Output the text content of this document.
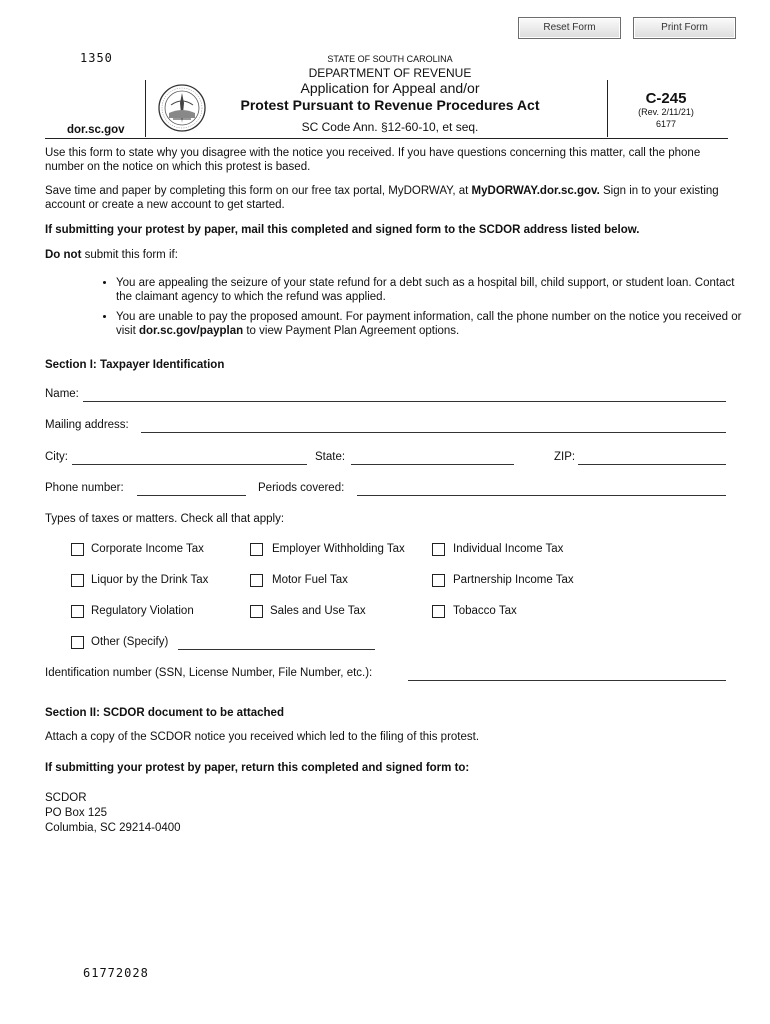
Reset Form	Print Form
1350	STATE OF SOUTH CAROLINA
DEPARTMENT OF REVENUE
Application for Appeal and/or
Protest Pursuant to Revenue Procedures Act
SC Code Ann. §12-60-10, et seq.
dor.sc.gov
C-245
(Rev. 2/11/21)
6177
Use this form to state why you disagree with the notice you received. If you have questions concerning this matter, call the phone number on the notice on which this protest is based.
Save time and paper by completing this form on our free tax portal, MyDORWAY, at MyDORWAY.dor.sc.gov. Sign in to your existing account or create a new account to get started.
If submitting your protest by paper, mail this completed and signed form to the SCDOR address listed below.
Do not submit this form if:
• You are appealing the seizure of your state refund for a debt such as a hospital bill, child support, or student loan. Contact the claimant agency to which the refund was applied.
• You are unable to pay the proposed amount. For payment information, call the phone number on the notice you received or visit dor.sc.gov/payplan to view Payment Plan Agreement options.
Section I: Taxpayer Identification
Name:
Mailing address:
City:	State:	ZIP:
Phone number:	Periods covered:
Types of taxes or matters. Check all that apply:
Corporate Income Tax	Employer Withholding Tax	Individual Income Tax
Liquor by the Drink Tax	Motor Fuel Tax	Partnership Income Tax
Regulatory Violation	Sales and Use Tax	Tobacco Tax
Other (Specify)
Identification number (SSN, License Number, File Number, etc.):
Section II: SCDOR document to be attached
Attach a copy of the SCDOR notice you received which led to the filing of this protest.
If submitting your protest by paper, return this completed and signed form to:
SCDOR
PO Box 125
Columbia, SC 29214-0400
61772028
